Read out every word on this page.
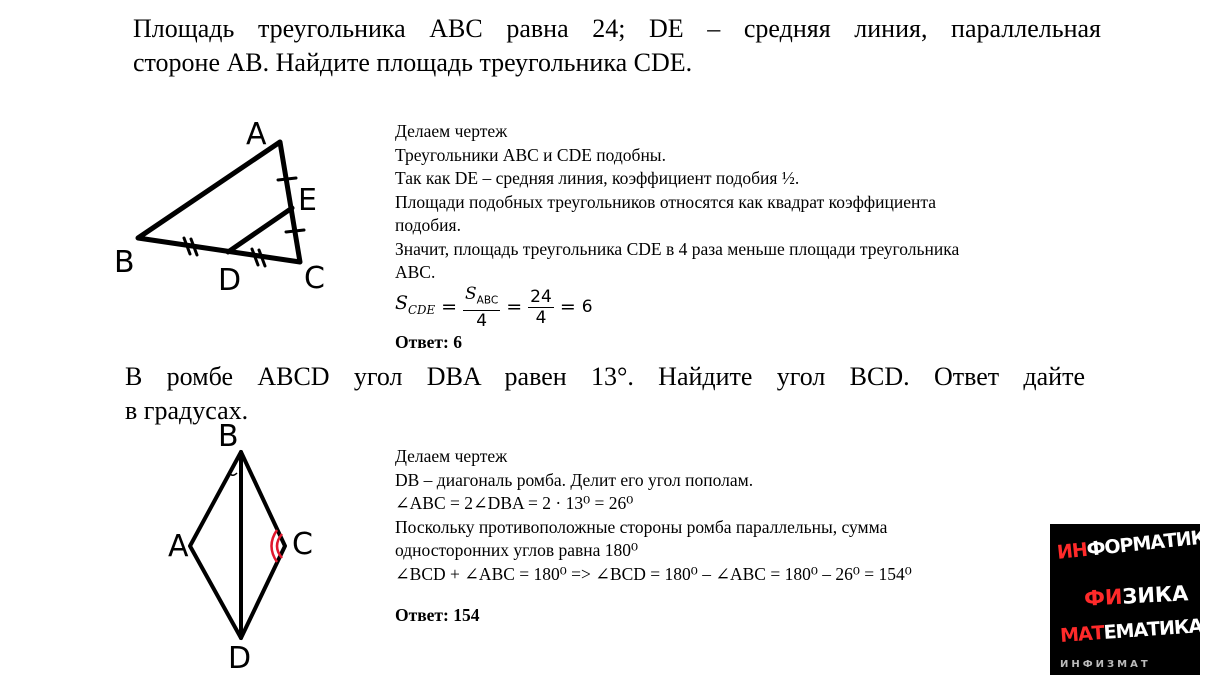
Площадь треугольника ABC равна 24; DE – средняя линия, параллельная
стороне AB. Найдите площадь треугольника CDE.
A
E
B
D C
Делаем чертеж
Треугольники ABC и CDE подобны.
Так как DE – средняя линия, коэффициент подобия ½.
Площади подобных треугольников относятся как квадрат коэффициента
подобия.
Значит, площадь треугольника CDE в 4 раза меньше площади треугольника
ABC.
$S_{CDE} = \frac{S_{ABC}}{4} = \frac{24}{4} = 6$
Ответ: 6
В ромбе ABCD угол DBA равен 13°. Найдите угол BCD. Ответ дайте
в градусах.
B
A	C
D
Делаем чертеж
DB – диагональ ромба. Делит его угол пополам.
∠ABC = 2∠DBA = 2 · 13⁰ = 26⁰
Поскольку противоположные стороны ромба параллельны, сумма
односторонних углов равна 180⁰
∠BCD + ∠ABC = 180⁰ => ∠BCD = 180⁰ – ∠ABC = 180⁰ – 26⁰ = 154⁰
Ответ: 154
ИНФОРМАТИКА
ФИЗИКА
МАТЕМАТИКА
ИНФИЗМАТ
